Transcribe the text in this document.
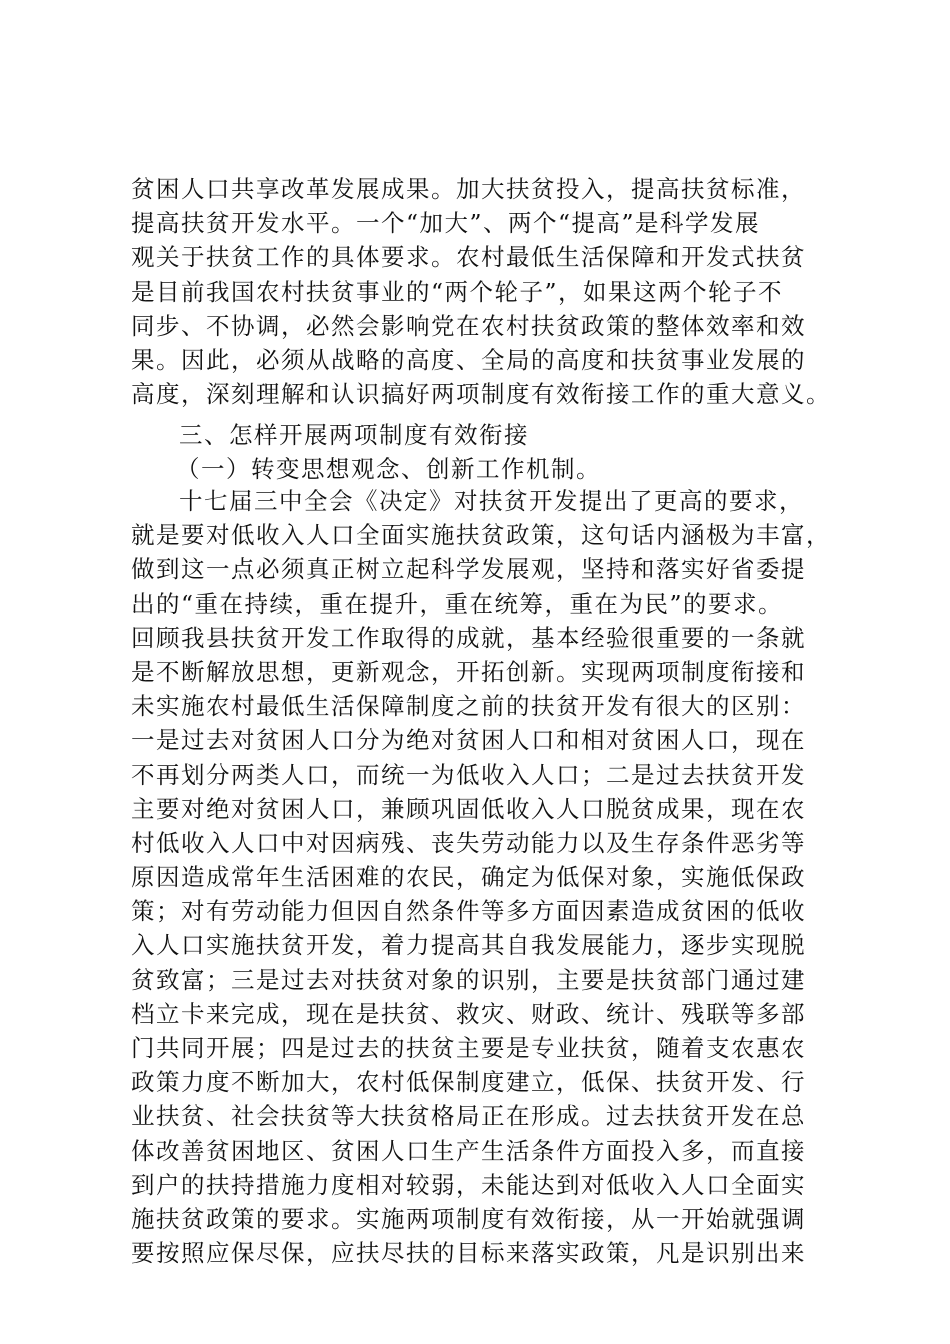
贫困人口共享改革发展成果。加大扶贫投入，提高扶贫标准，
提高扶贫开发水平。一个“加大”、两个“提高”是科学发展
观关于扶贫工作的具体要求。农村最低生活保障和开发式扶贫
是目前我国农村扶贫事业的“两个轮子”，如果这两个轮子不
同步、不协调，必然会影响党在农村扶贫政策的整体效率和效
果。因此，必须从战略的高度、全局的高度和扶贫事业发展的
高度，深刻理解和认识搞好两项制度有效衔接工作的重大意义。
三、怎样开展两项制度有效衔接
（一）转变思想观念、创新工作机制。
十七届三中全会《决定》对扶贫开发提出了更高的要求，
就是要对低收入人口全面实施扶贫政策，这句话内涵极为丰富，
做到这一点必须真正树立起科学发展观，坚持和落实好省委提
出的“重在持续，重在提升，重在统筹，重在为民”的要求。
回顾我县扶贫开发工作取得的成就，基本经验很重要的一条就
是不断解放思想，更新观念，开拓创新。实现两项制度衔接和
未实施农村最低生活保障制度之前的扶贫开发有很大的区别：
一是过去对贫困人口分为绝对贫困人口和相对贫困人口，现在
不再划分两类人口，而统一为低收入人口；二是过去扶贫开发
主要对绝对贫困人口，兼顾巩固低收入人口脱贫成果，现在农
村低收入人口中对因病残、丧失劳动能力以及生存条件恶劣等
原因造成常年生活困难的农民，确定为低保对象，实施低保政
策；对有劳动能力但因自然条件等多方面因素造成贫困的低收
入人口实施扶贫开发，着力提高其自我发展能力，逐步实现脱
贫致富；三是过去对扶贫对象的识别，主要是扶贫部门通过建
档立卡来完成，现在是扶贫、救灾、财政、统计、残联等多部
门共同开展；四是过去的扶贫主要是专业扶贫，随着支农惠农
政策力度不断加大，农村低保制度建立，低保、扶贫开发、行
业扶贫、社会扶贫等大扶贫格局正在形成。过去扶贫开发在总
体改善贫困地区、贫困人口生产生活条件方面投入多，而直接
到户的扶持措施力度相对较弱，未能达到对低收入人口全面实
施扶贫政策的要求。实施两项制度有效衔接，从一开始就强调
要按照应保尽保，应扶尽扶的目标来落实政策，凡是识别出来
